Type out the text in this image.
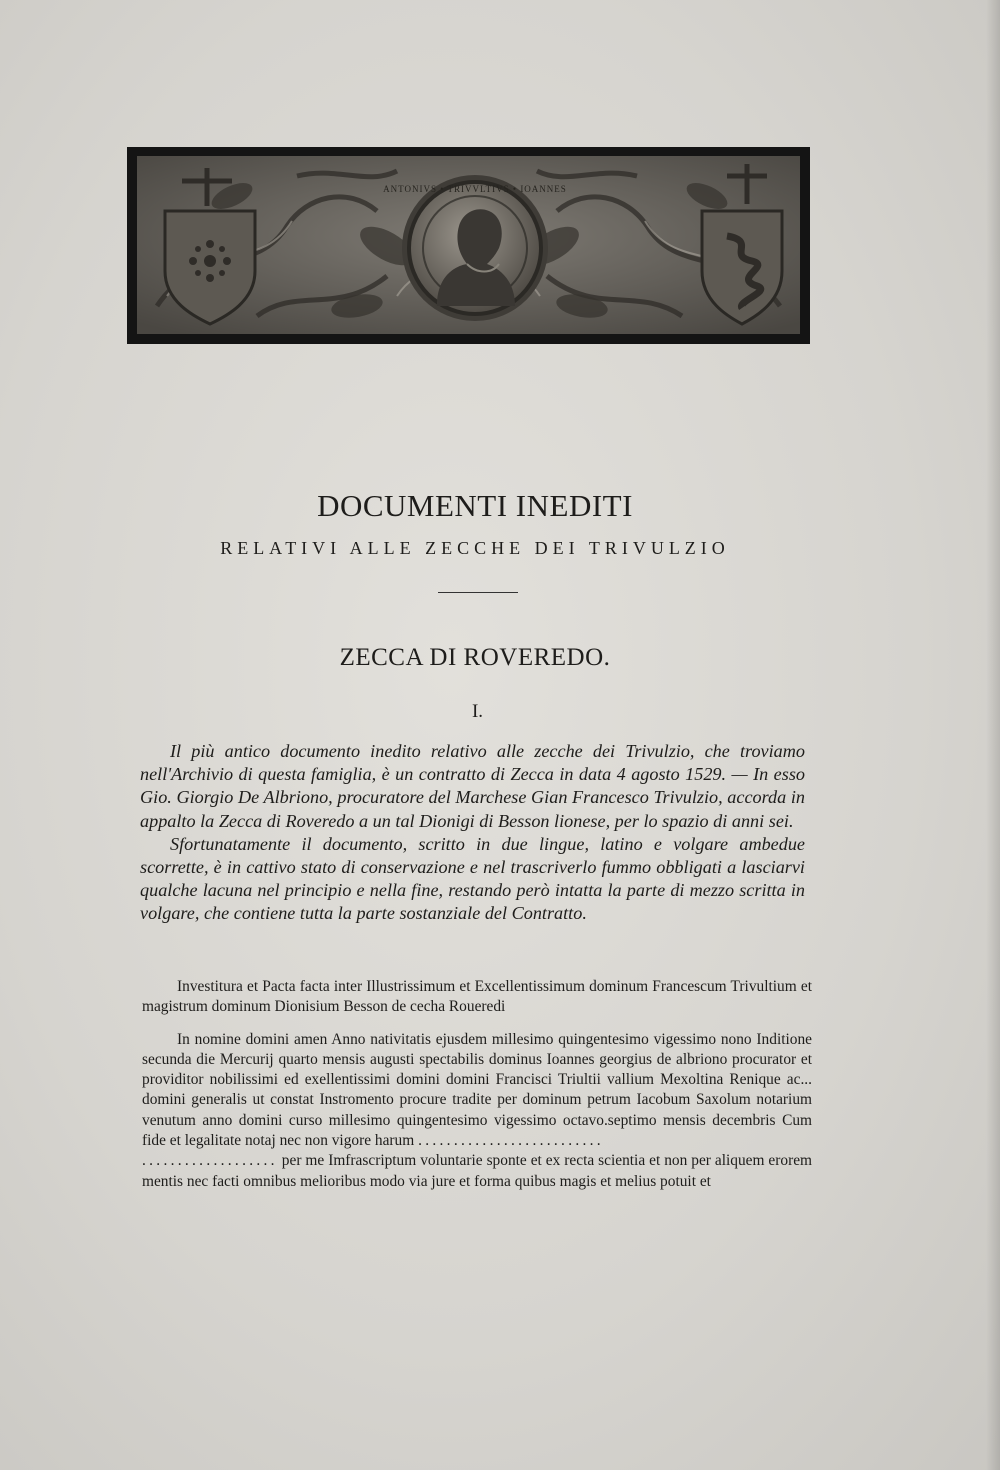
ANTONIVS • TRIVVLTIVS • IOANNES
DOCUMENTI INEDITI
RELATIVI ALLE ZECCHE DEI TRIVULZIO
ZECCA DI ROVEREDO.
I.

Il più antico documento inedito relativo alle zecche dei Trivulzio, che troviamo nell'Archivio di questa famiglia, è un contratto di Zecca in data 4 agosto 1529. — In esso Gio. Giorgio De Albriono, procuratore del Marchese Gian Francesco Trivulzio, accorda in appalto la Zecca di Roveredo a un tal Dionigi di Besson lionese, per lo spazio di anni sei.

Sfortunatamente il documento, scritto in due lingue, latino e volgare ambedue scorrette, è in cattivo stato di conservazione e nel trascriverlo fummo obbligati a lasciarvi qualche lacuna nel principio e nella fine, restando però intatta la parte di mezzo scritta in volgare, che contiene tutta la parte sostanziale del Contratto.

Investitura et Pacta facta inter Illustrissimum et Excellentissimum dominum Francescum Trivultium et magistrum dominum Dionisium Besson de cecha Roueredi

In nomine domini amen Anno nativitatis ejusdem millesimo quingentesimo vigessimo nono Inditione secunda die Mercurij quarto mensis augusti spectabilis dominus Ioannes georgius de albriono procurator et providitor nobilissimi ed exellentissimi domini domini Francisci Triultii vallium Mexoltina Renique ac... domini generalis ut constat Instromento procure tradite per dominum petrum Iacobum Saxolum notarium venutum anno domini curso millesimo quingentesimo vigessimo octavo.septimo mensis decembris Cum fide et legalitate notaj nec non vigore harum ..........................

................... per me Imfrascriptum voluntarie sponte et ex recta scientia et non per aliquem erorem mentis nec facti omnibus melioribus modo via jure et forma quibus magis et melius potuit et
